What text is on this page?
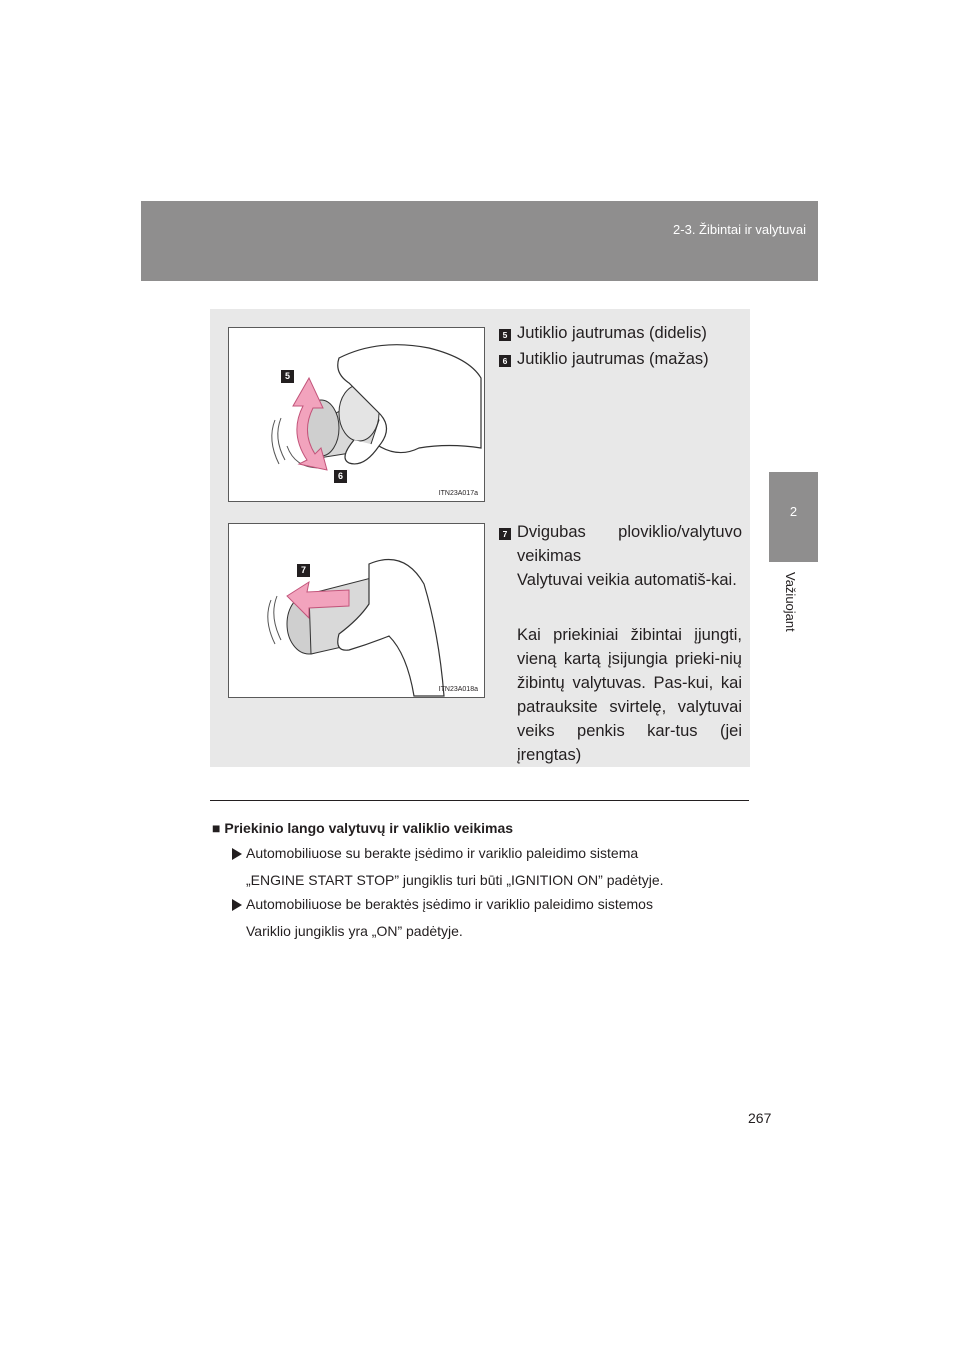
2-3. Žibintai ir valytuvai
2
Važiuojant
5
6
ITN23A017a
7
ITN23A018a
5 Jutiklio jautrumas (didelis)
6 Jutiklio jautrumas (mažas)
7 Dvigubas ploviklio/valytuvo veikimas
Valytuvai veikia automatiš-kai.
Kai priekiniai žibintai įjungti, vieną kartą įsijungia prieki-nių žibintų valytuvas. Pas-kui, kai patrauksite svirtelę, valytuvai veiks penkis kar-tus (jei įrengtas)
■ Priekinio lango valytuvų ir valiklio veikimas
Automobiliuose su berakte įsėdimo ir variklio paleidimo sistema
„ENGINE START STOP” jungiklis turi būti „IGNITION ON” padėtyje.
Automobiliuose be beraktės įsėdimo ir variklio paleidimo sistemos
Variklio jungiklis yra „ON” padėtyje.
267
